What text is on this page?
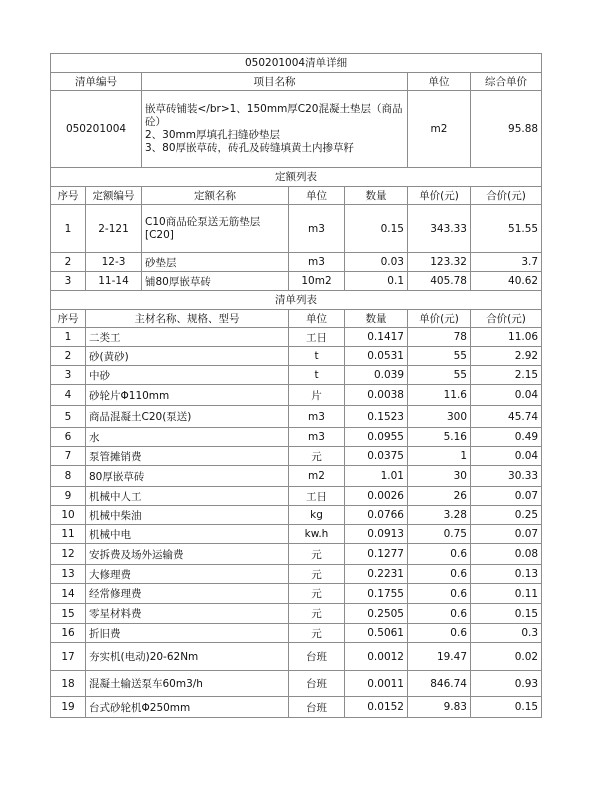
050201004清单详细						
清单编号		项目名称			单位	综合单价
050201004		嵌草砖铺装</br>1、150mm厚C20混凝土垫层（商品砼）
2、30mm厚填孔扫缝砂垫层
3、80厚嵌草砖，砖孔及砖缝填黄土内掺草籽			m2	95.88
定额列表						
序号	定额编号	定额名称	单位	数量	单价(元)	合价(元)
1	2-121	C10商品砼泵送无筋垫层[C20]	m3	0.15	343.33	51.55
2	12-3	砂垫层	m3	0.03	123.32	3.7
3	11-14	铺80厚嵌草砖	10m2	0.1	405.78	40.62
清单列表						
序号	主材名称、规格、型号		单位	数量	单价(元)	合价(元)
1	二类工		工日	0.1417	78	11.06
2	砂(黄砂)		t	0.0531	55	2.92
3	中砂		t	0.039	55	2.15
4	砂轮片Φ110mm		片	0.0038	11.6	0.04
5	商品混凝土C20(泵送)		m3	0.1523	300	45.74
6	水		m3	0.0955	5.16	0.49
7	泵管摊销费		元	0.0375	1	0.04
8	80厚嵌草砖		m2	1.01	30	30.33
9	机械中人工		工日	0.0026	26	0.07
10	机械中柴油		kg	0.0766	3.28	0.25
11	机械中电		kw.h	0.0913	0.75	0.07
12	安拆费及场外运输费		元	0.1277	0.6	0.08
13	大修理费		元	0.2231	0.6	0.13
14	经常修理费		元	0.1755	0.6	0.11
15	零星材料费		元	0.2505	0.6	0.15
16	折旧费		元	0.5061	0.6	0.3
17	夯实机(电动)20-62Nm		台班	0.0012	19.47	0.02
18	混凝土输送泵车60m3/h		台班	0.0011	846.74	0.93
19	台式砂轮机Φ250mm		台班	0.0152	9.83	0.15
